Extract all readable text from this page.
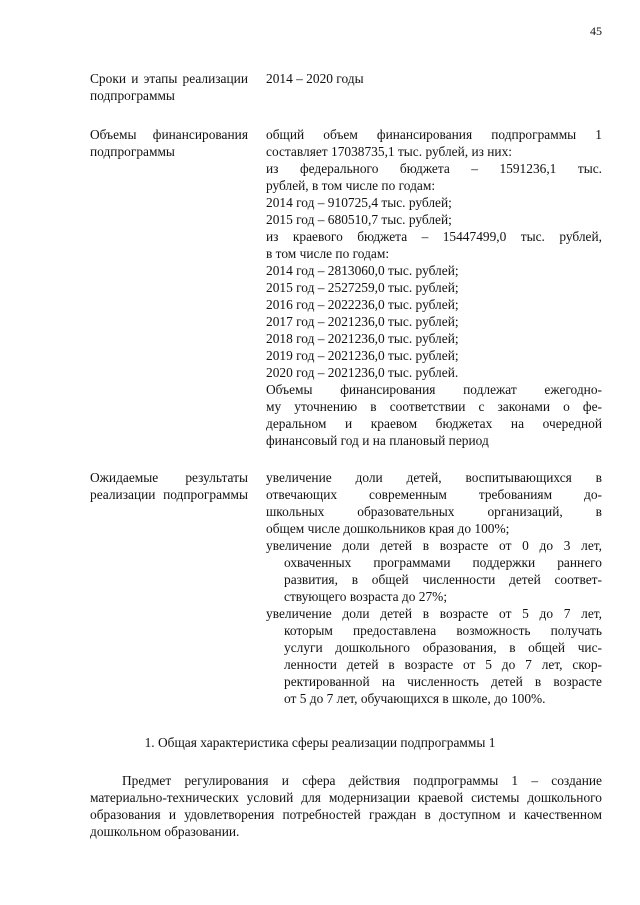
45
Сроки и этапы реализации подпрограммы
2014 – 2020 годы
Объемы финансирования подпрограммы
общий объем финансирования подпрограммы 1
составляет 17038735,1 тыс. рублей, из них:
из федерального бюджета – 1591236,1 тыс.
рублей, в том числе по годам:
2014 год – 910725,4 тыс. рублей;
2015 год – 680510,7 тыс. рублей;
из краевого бюджета – 15447499,0 тыс. рублей,
в том числе по годам:
2014 год – 2813060,0 тыс. рублей;
2015 год – 2527259,0 тыс. рублей;
2016 год – 2022236,0 тыс. рублей;
2017 год – 2021236,0 тыс. рублей;
2018 год – 2021236,0 тыс. рублей;
2019 год – 2021236,0 тыс. рублей;
2020 год – 2021236,0 тыс. рублей.
Объемы финансирования подлежат ежегодно-
му уточнению в соответствии с законами о фе-
деральном и краевом бюджетах на очередной
финансовый год и на плановый период
Ожидаемые результаты реализации подпрограммы
увеличение доли детей, воспитывающихся в
отвечающих современным требованиям до-
школьных образовательных организаций, в
общем числе дошкольников края до 100%;
увеличение доли детей в возрасте от 0 до 3 лет,
охваченных программами поддержки раннего
развития, в общей численности детей соответ-
ствующего возраста до 27%;
увеличение доли детей в возрасте от 5 до 7 лет,
которым предоставлена возможность получать
услуги дошкольного образования, в общей чис-
ленности детей в возрасте от 5 до 7 лет, скор-
ректированной на численность детей в возрасте
от 5 до 7 лет, обучающихся в школе, до 100%.
1. Общая характеристика сферы реализации подпрограммы 1
Предмет регулирования и сфера действия подпрограммы 1 – создание материально-технических условий для модернизации краевой системы дошкольного образования и удовлетворения потребностей граждан в доступном и качественном дошкольном образовании.
